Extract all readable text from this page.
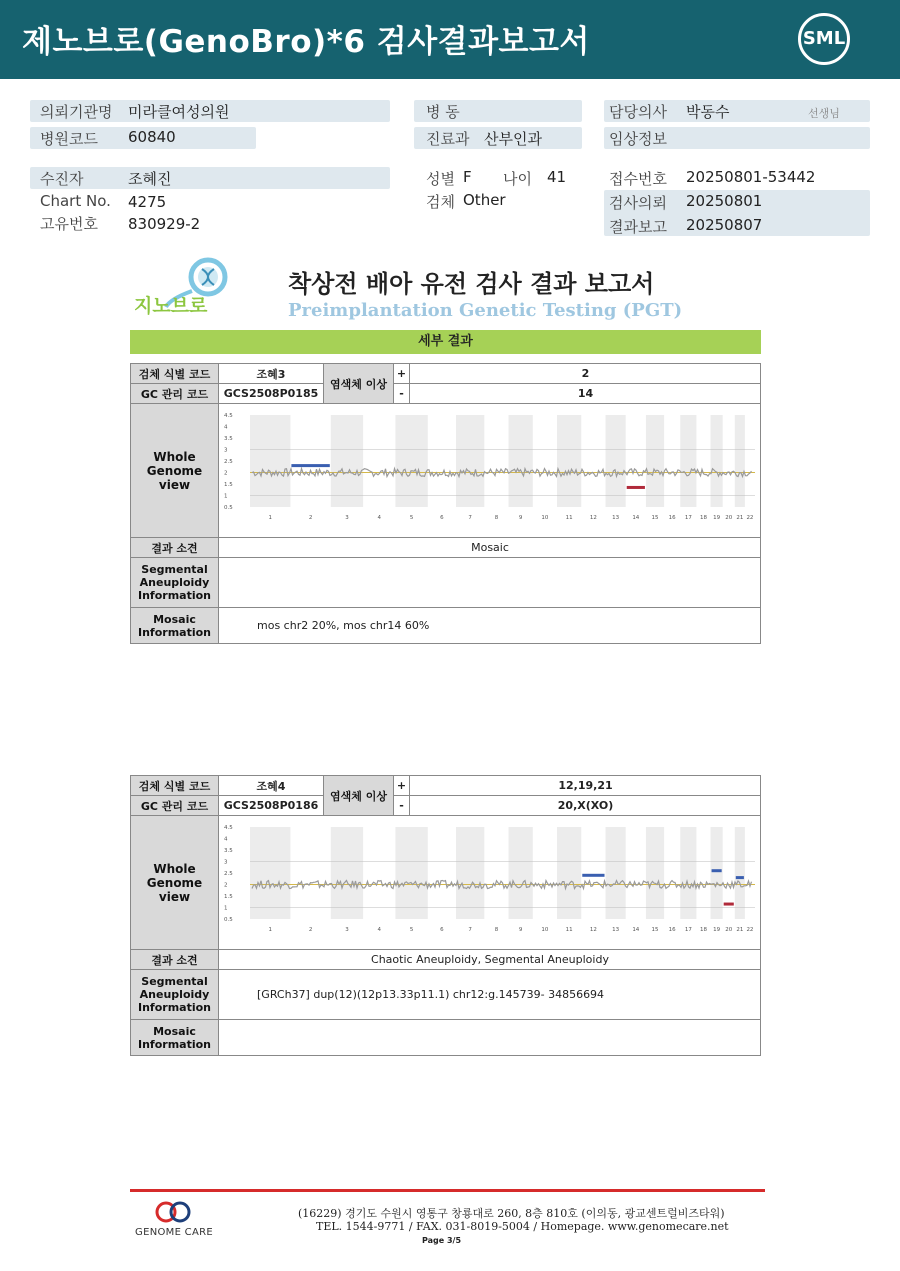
제노브로(GenoBro)*6 검사결과보고서	SML
의뢰기관명 미라클여성의원	병 동	담당의사 박동수	선생님
병원코드 60840	진료과 산부인과	임상정보
수진자	조혜진	성별 F 나이 41	접수번호 20250801-53442
Chart No. 4275	검체 Other	검사의뢰 20250801
고유번호 830929-2	결과보고 20250807
지노브로
착상전 배아 유전 검사 결과 보고서
Preimplantation Genetic Testing (PGT)
세부 결과
검체 식별 코드	조혜3
염색체 이상
+	2
GC 관리 코드	GCS2508P0185	-	14
Whole Genome view
4.5
4
3.5
3
2.5
2
1.5
1
0.5
1	2	3	4	5	6	7	8	9	10	11	12	13 14 15 16 17 18 19 20 21 22
결과 소견	Mosaic
Segmental Aneuploidy Information
Mosaic Information	mos chr2 20%, mos chr14 60%
검체 식별 코드	조혜4
염색체 이상
+	12,19,21
GC 관리 코드	GCS2508P0186	-	20,X(XO)
Whole Genome view
4.5
4
3.5
3
2.5
2
1.5
1
0.5
1	2	3	4	5	6	7	8	9	10	11	12	13 14 15 16 17 18 19 20 21 22
결과 소견	Chaotic Aneuploidy, Segmental Aneuploidy
Segmental Aneuploidy Information
[GRCh37] dup(12)(12p13.33p11.1) chr12:g.145739- 34856694
Mosaic Information
GENOME CARE
(16229) 경기도 수원시 영통구 창룡대로 260, 8층 810호 (이의동, 광교센트럴비즈타워)
TEL. 1544-9771 / FAX. 031-8019-5004 / Homepage. www.genomecare.net
Page 3/5
